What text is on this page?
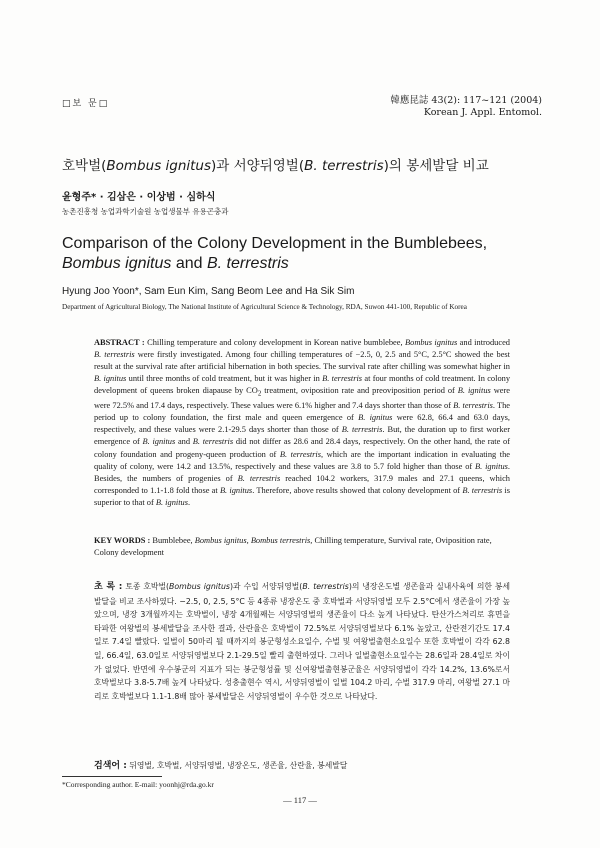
□보 문□	韓應昆誌 43(2): 117~121 (2004)
Korean J. Appl. Entomol.
호박벌(Bombus ignitus)과 서양뒤영벌(B. terrestris)의 봉세발달 비교
윤형주* · 김삼은 · 이상범 · 심하식
농촌진흥청 농업과학기술원 농업생물부 유용곤충과
Comparison of the Colony Development in the Bumblebees,
Bombus ignitus and B. terrestris
Hyung Joo Yoon*, Sam Eun Kim, Sang Beom Lee and Ha Sik Sim
Department of Agricultural Biology, The National Institute of Agricultural Science & Technology, RDA, Suwon 441-100, Republic of Korea
ABSTRACT : Chilling temperature and colony development in Korean native bumblebee, Bombus ignitus and introduced B. terrestris were firstly investigated. Among four chilling temperatures of −2.5, 0, 2.5 and 5°C, 2.5°C showed the best result at the survival rate after artificial hibernation in both species. The survival rate after chilling was somewhat higher in B. ignitus until three months of cold treatment, but it was higher in B. terrestris at four months of cold treatment. In colony development of queens broken diapause by $CO_2$ treatment, oviposition rate and preoviposition period of B. ignitus were were 72.5% and 17.4 days, respectively. These values were 6.1% higher and 7.4 days shorter than those of B. terrestris. The period up to colony foundation, the first male and queen emergence of B. ignitus were 62.8, 66.4 and 63.0 days, respectively, and these values were 2.1-29.5 days shorter than those of B. terrestris. But, the duration up to first worker emergence of B. ignitus and B. terrestris did not differ as 28.6 and 28.4 days, respectively. On the other hand, the rate of colony foundation and progeny-queen production of B. terrestris, which are the important indication in evaluating the quality of colony, were 14.2 and 13.5%, respectively and these values are 3.8 to 5.7 fold higher than those of B. ignitus. Besides, the numbers of progenies of B. terrestris reached 104.2 workers, 317.9 males and 27.1 queens, which corresponded to 1.1-1.8 fold those at B. ignitus. Therefore, above results showed that colony development of B. terrestris is superior to that of B. ignitus.
KEY WORDS : Bumblebee, Bombus ignitus, Bombus terrestris, Chilling temperature, Survival rate, Oviposition rate, Colony development
초 록 : 토종 호박벌(Bombus ignitus)과 수입 서양뒤영벌(B. terrestris)의 냉장온도별 생존율과 실내사육에 의한 봉세발달을 비교 조사하였다. −2.5, 0, 2.5, 5°C 등 4종류 냉장온도 중 호박벌과 서양뒤영벌 모두 2.5°C에서 생존율이 가장 높았으며, 냉장 3개월까지는 호박벌이, 냉장 4개월째는 서양뒤영벌의 생존율이 다소 높게 나타났다. 탄산가스처리로 휴면을 타파한 여왕벌의 봉세발달을 조사한 결과, 산란율은 호박벌이 72.5%로 서양뒤영벌보다 6.1% 높았고, 산란전기간도 17.4일로 7.4일 빨랐다. 일벌이 50마리 될 때까지의 봉군형성소요일수, 수벌 및 여왕벌출현소요일수 또한 호박벌이 각각 62.8일, 66.4일, 63.0일로 서양뒤영벌보다 2.1-29.5일 빨리 출현하였다. 그러나 일벌출현소요일수는 28.6일과 28.4일로 차이가 없었다. 반면에 우수봉군의 지표가 되는 봉군형성률 및 신여왕벌출현봉군율은 서양뒤영벌이 각각 14.2%, 13.6%로서 호박벌보다 3.8-5.7배 높게 나타났다. 성충출현수 역시, 서양뒤영벌이 일벌 104.2 마리, 수벌 317.9 마리, 여왕벌 27.1 마리로 호박벌보다 1.1-1.8배 많아 봉세발달은 서양뒤영벌이 우수한 것으로 나타났다.
검색어 : 뒤영벌, 호박벌, 서양뒤영벌, 냉장온도, 생존율, 산란율, 봉세발달
*Corresponding author. E-mail: yoonhj@rda.go.kr
— 117 —
